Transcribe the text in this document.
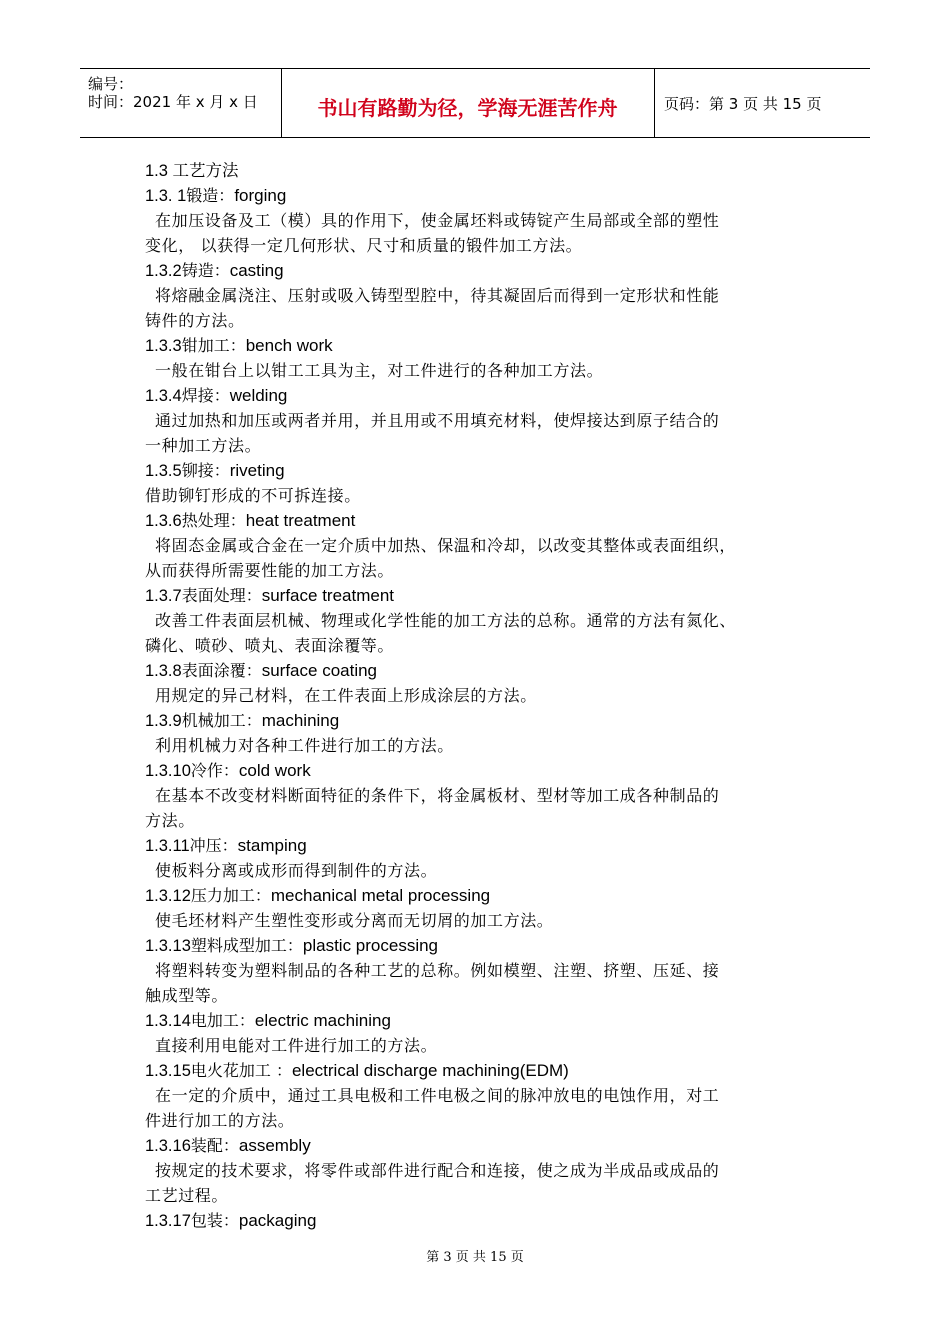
编号：
时间：2021 年 x 月 x 日	书山有路勤为径，学海无涯苦作舟	页码：第 3 页 共 15 页
1.3 工艺方法
1.3. 1锻造：forging
在加压设备及工（模）具的作用下，使金属坯料或铸锭产生局部或全部的塑性
变化， 以获得一定几何形状、尺寸和质量的锻件加工方法。
1.3.2铸造：casting
将熔融金属浇注、压射或吸入铸型型腔中，待其凝固后而得到一定形状和性能
铸件的方法。
1.3.3钳加工：bench work
一般在钳台上以钳工工具为主，对工件进行的各种加工方法。
1.3.4焊接：welding
通过加热和加压或两者并用，并且用或不用填充材料，使焊接达到原子结合的
一种加工方法。
1.3.5铆接：riveting
借助铆钉形成的不可拆连接。
1.3.6热处理：heat treatment
将固态金属或合金在一定介质中加热、保温和冷却，以改变其整体或表面组织，
从而获得所需要性能的加工方法。
1.3.7表面处理：surface treatment
改善工件表面层机械、物理或化学性能的加工方法的总称。通常的方法有氮化、
磷化、喷砂、喷丸、表面涂覆等。
1.3.8表面涂覆：surface coating
用规定的异己材料，在工件表面上形成涂层的方法。
1.3.9机械加工：machining
利用机械力对各种工件进行加工的方法。
1.3.10冷作：cold work
在基本不改变材料断面特征的条件下，将金属板材、型材等加工成各种制品的
方法。
1.3.11冲压：stamping
使板料分离或成形而得到制件的方法。
1.3.12压力加工：mechanical metal processing
使毛坯材料产生塑性变形或分离而无切屑的加工方法。
1.3.13塑料成型加工：plastic processing
将塑料转变为塑料制品的各种工艺的总称。例如模塑、注塑、挤塑、压延、接
触成型等。
1.3.14电加工：electric machining
直接利用电能对工件进行加工的方法。
1.3.15电火花加工 ：electrical discharge machining(EDM)
在一定的介质中，通过工具电极和工件电极之间的脉冲放电的电蚀作用，对工
件进行加工的方法。
1.3.16装配：assembly
按规定的技术要求，将零件或部件进行配合和连接，使之成为半成品或成品的
工艺过程。
1.3.17包装：packaging
第 3 页 共 15 页
